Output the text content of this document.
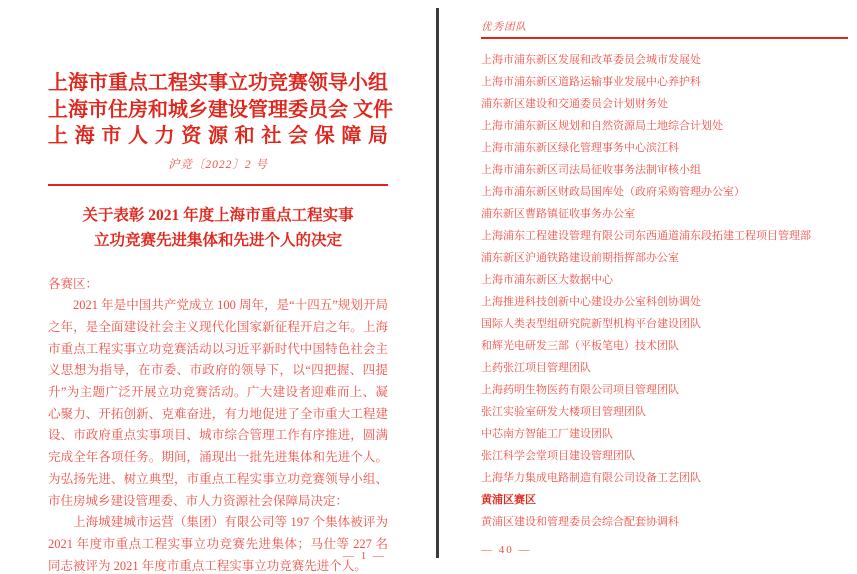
上海市重点工程实事立功竞赛领导小组
上海市住房和城乡建设管理委员会 文件
上海市人力资源和社会保障局
沪竞〔2022〕2 号
关于表彰 2021 年度上海市重点工程实事
立功竞赛先进集体和先进个人的决定
各赛区：

2021 年是中国共产党成立 100 周年，是“十四五”规划开局之年，是全面建设社会主义现代化国家新征程开启之年。上海市重点工程实事立功竞赛活动以习近平新时代中国特色社会主义思想为指导，在市委、市政府的领导下，以“四把握、四提升”为主题广泛开展立功竞赛活动。广大建设者迎难而上、凝心聚力、开拓创新、克难奋进，有力地促进了全市重大工程建设、市政府重点实事项目、城市综合管理工作有序推进，圆满完成全年各项任务。期间，涌现出一批先进集体和先进个人。为弘扬先进、树立典型，市重点工程实事立功竞赛领导小组、市住房城乡建设管理委、市人力资源社会保障局决定：

上海城建城市运营（集团）有限公司等 197 个集体被评为 2021 年度市重点工程实事立功竞赛先进集体；马仕等 227 名同志被评为 2021 年度市重点工程实事立功竞赛先进个人。

— 1 —
优秀团队
上海市浦东新区发展和改革委员会城市发展处
上海市浦东新区道路运输事业发展中心养护科
浦东新区建设和交通委员会计划财务处
上海市浦东新区规划和自然资源局土地综合计划处
上海市浦东新区绿化管理事务中心滨江科
上海市浦东新区司法局征收事务法制审核小组
上海市浦东新区财政局国库处（政府采购管理办公室）
浦东新区曹路镇征收事务办公室
上海浦东工程建设管理有限公司东西通道浦东段拓建工程项目管理部
浦东新区沪通铁路建设前期指挥部办公室
上海市浦东新区大数据中心
上海推进科技创新中心建设办公室科创协调处
国际人类表型组研究院新型机构平台建设团队
和辉光电研发三部（平板笔电）技术团队
上药张江项目管理团队
上海药明生物医药有限公司项目管理团队
张江实验室研发大楼项目管理团队
中芯南方智能工厂建设团队
张江科学会堂项目建设管理团队
上海华力集成电路制造有限公司设备工艺团队
黄浦区赛区
黄浦区建设和管理委员会综合配套协调科
— 40 —
